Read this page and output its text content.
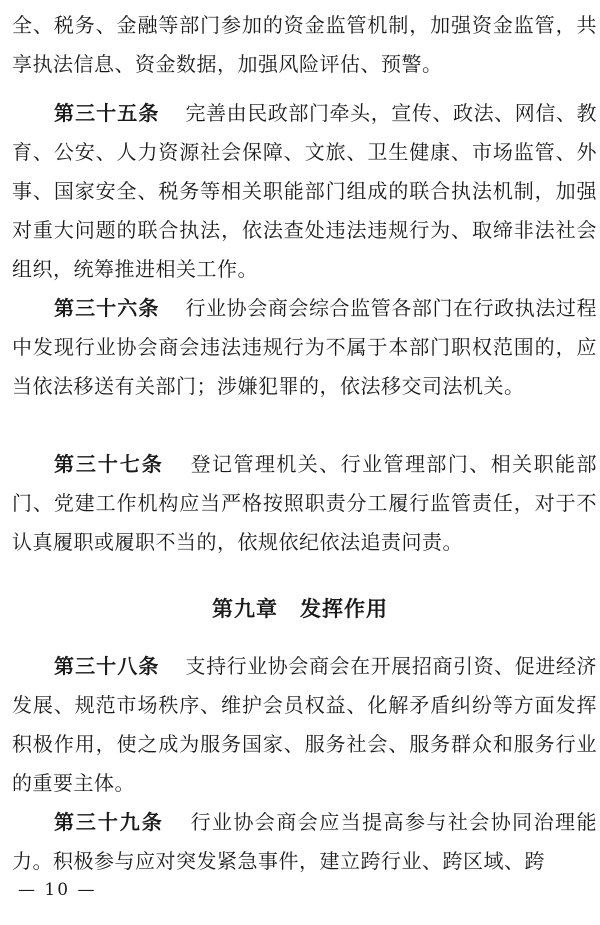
全、税务、金融等部门参加的资金监管机制，加强资金监管，共享执法信息、资金数据，加强风险评估、预警。

第三十五条 完善由民政部门牵头，宣传、政法、网信、教育、公安、人力资源社会保障、文旅、卫生健康、市场监管、外事、国家安全、税务等相关职能部门组成的联合执法机制，加强对重大问题的联合执法，依法查处违法违规行为、取缔非法社会组织，统筹推进相关工作。

第三十六条 行业协会商会综合监管各部门在行政执法过程中发现行业协会商会违法违规行为不属于本部门职权范围的，应当依法移送有关部门；涉嫌犯罪的，依法移交司法机关。

第三十七条 登记管理机关、行业管理部门、相关职能部门、党建工作机构应当严格按照职责分工履行监管责任，对于不认真履职或履职不当的，依规依纪依法追责问责。

第九章 发挥作用

第三十八条 支持行业协会商会在开展招商引资、促进经济发展、规范市场秩序、维护会员权益、化解矛盾纠纷等方面发挥积极作用，使之成为服务国家、服务社会、服务群众和服务行业的重要主体。

第三十九条 行业协会商会应当提高参与社会协同治理能力。积极参与应对突发紧急事件，建立跨行业、跨区域、跨

— 10 —
